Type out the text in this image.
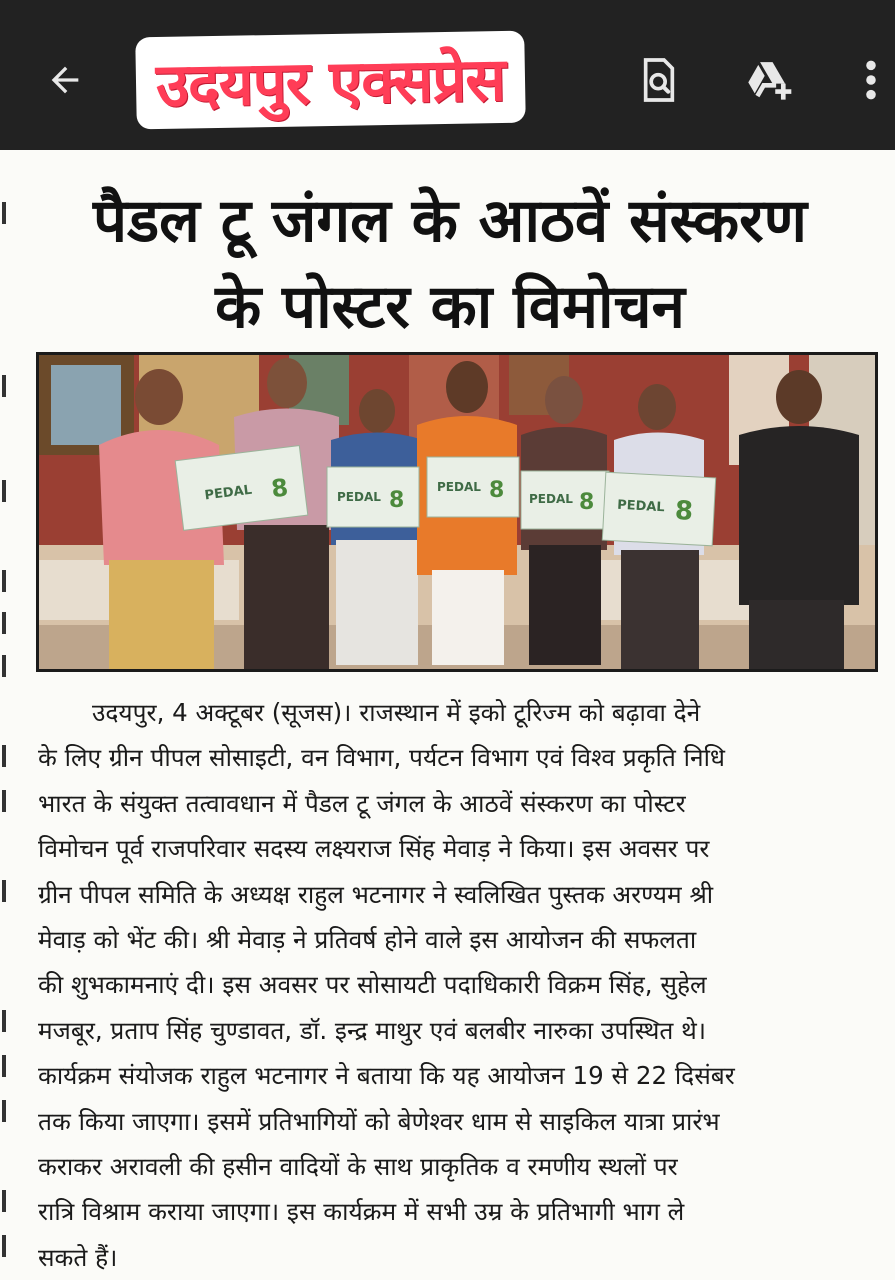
उदयपुर एक्सप्रेस
पैडल टू जंगल के आठवें संस्करण
के पोस्टर का विमोचन
PEDAL 8	PEDAL 8
PEDAL 8 PEDAL 8 PEDAL 8
उदयपुर, 4 अक्टूबर (सूजस)। राजस्थान में इको टूरिज्म को बढ़ावा देने
के लिए ग्रीन पीपल सोसाइटी, वन विभाग, पर्यटन विभाग एवं विश्व प्रकृति निधि
भारत के संयुक्त तत्वावधान में पैडल टू जंगल के आठवें संस्करण का पोस्टर
विमोचन पूर्व राजपरिवार सदस्य लक्ष्यराज सिंह मेवाड़ ने किया। इस अवसर पर
ग्रीन पीपल समिति के अध्यक्ष राहुल भटनागर ने स्वलिखित पुस्तक अरण्यम श्री
मेवाड़ को भेंट की। श्री मेवाड़ ने प्रतिवर्ष होने वाले इस आयोजन की सफलता
की शुभकामनाएं दी। इस अवसर पर सोसायटी पदाधिकारी विक्रम सिंह, सुहेल
मजबूर, प्रताप सिंह चुण्डावत, डॉ. इन्द्र माथुर एवं बलबीर नारुका उपस्थित थे।
कार्यक्रम संयोजक राहुल भटनागर ने बताया कि यह आयोजन 19 से 22 दिसंबर
तक किया जाएगा। इसमें प्रतिभागियों को बेणेश्वर धाम से साइकिल यात्रा प्रारंभ
कराकर अरावली की हसीन वादियों के साथ प्राकृतिक व रमणीय स्थलों पर
रात्रि विश्राम कराया जाएगा। इस कार्यक्रम में सभी उम्र के प्रतिभागी भाग ले
सकते हैं।
